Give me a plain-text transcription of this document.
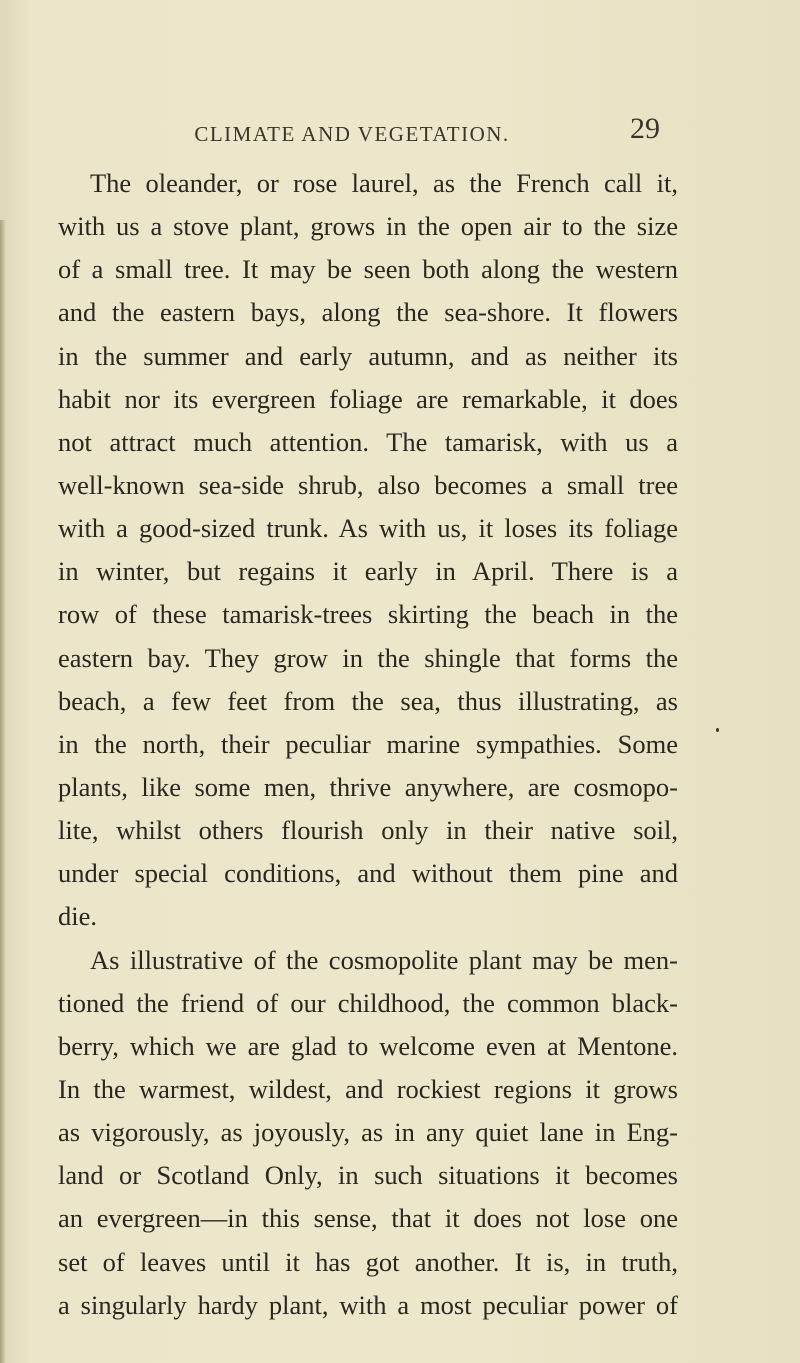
CLIMATE AND VEGETATION.	29
The oleander, or rose laurel, as the French call it,
with us a stove plant, grows in the open air to the size
of a small tree. It may be seen both along the western
and the eastern bays, along the sea-shore. It flowers
in the summer and early autumn, and as neither its
habit nor its evergreen foliage are remarkable, it does
not attract much attention. The tamarisk, with us a
well-known sea-side shrub, also becomes a small tree
with a good-sized trunk. As with us, it loses its foliage
in winter, but regains it early in April. There is a
row of these tamarisk-trees skirting the beach in the
eastern bay. They grow in the shingle that forms the
beach, a few feet from the sea, thus illustrating, as
in the north, their peculiar marine sympathies. Some
plants, like some men, thrive anywhere, are cosmopo-
lite, whilst others flourish only in their native soil,
under special conditions, and without them pine and
die.
As illustrative of the cosmopolite plant may be men-
tioned the friend of our childhood, the common black-
berry, which we are glad to welcome even at Mentone.
In the warmest, wildest, and rockiest regions it grows
as vigorously, as joyously, as in any quiet lane in Eng-
land or Scotland Only, in such situations it becomes
an evergreen—in this sense, that it does not lose one
set of leaves until it has got another. It is, in truth,
a singularly hardy plant, with a most peculiar power of
